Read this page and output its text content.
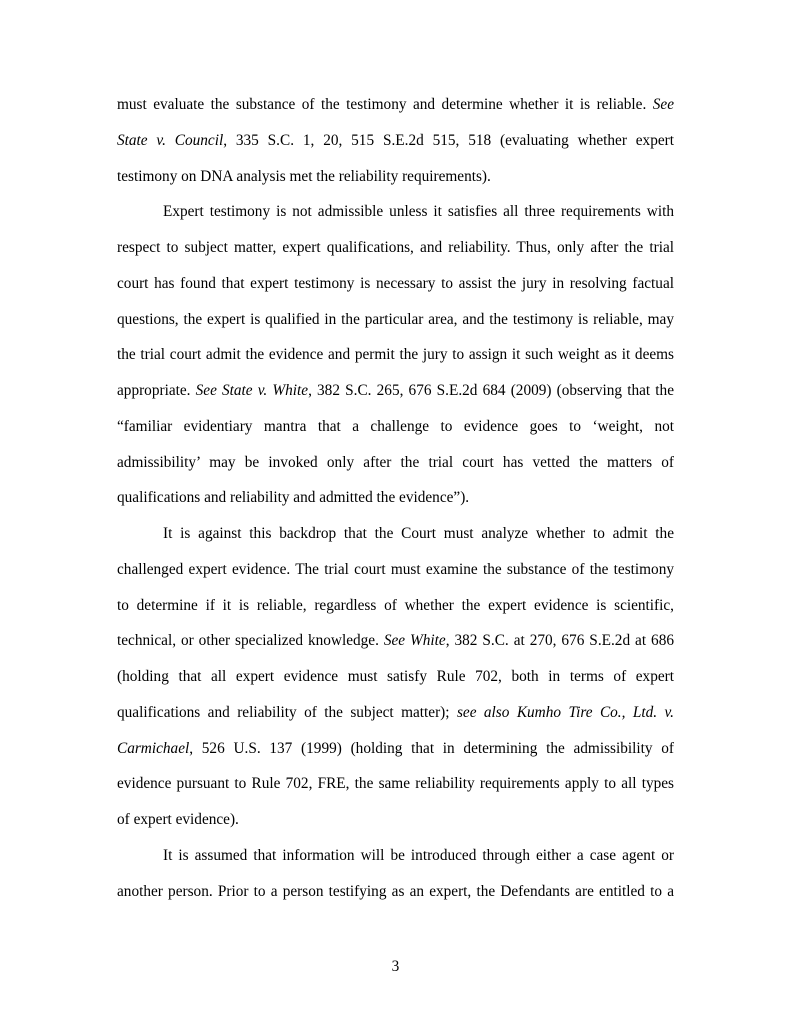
must evaluate the substance of the testimony and determine whether it is reliable. See
State v. Council, 335 S.C. 1, 20, 515 S.E.2d 515, 518 (evaluating whether expert
testimony on DNA analysis met the reliability requirements).
Expert testimony is not admissible unless it satisfies all three requirements with
respect to subject matter, expert qualifications, and reliability. Thus, only after the trial
court has found that expert testimony is necessary to assist the jury in resolving factual
questions, the expert is qualified in the particular area, and the testimony is reliable, may
the trial court admit the evidence and permit the jury to assign it such weight as it deems
appropriate. See State v. White, 382 S.C. 265, 676 S.E.2d 684 (2009) (observing that the
“familiar evidentiary mantra that a challenge to evidence goes to ‘weight, not
admissibility’ may be invoked only after the trial court has vetted the matters of
qualifications and reliability and admitted the evidence”).
It is against this backdrop that the Court must analyze whether to admit the
challenged expert evidence. The trial court must examine the substance of the testimony
to determine if it is reliable, regardless of whether the expert evidence is scientific,
technical, or other specialized knowledge. See White, 382 S.C. at 270, 676 S.E.2d at 686
(holding that all expert evidence must satisfy Rule 702, both in terms of expert
qualifications and reliability of the subject matter); see also Kumho Tire Co., Ltd. v.
Carmichael, 526 U.S. 137 (1999) (holding that in determining the admissibility of
evidence pursuant to Rule 702, FRE, the same reliability requirements apply to all types
of expert evidence).
It is assumed that information will be introduced through either a case agent or
another person. Prior to a person testifying as an expert, the Defendants are entitled to a
3
